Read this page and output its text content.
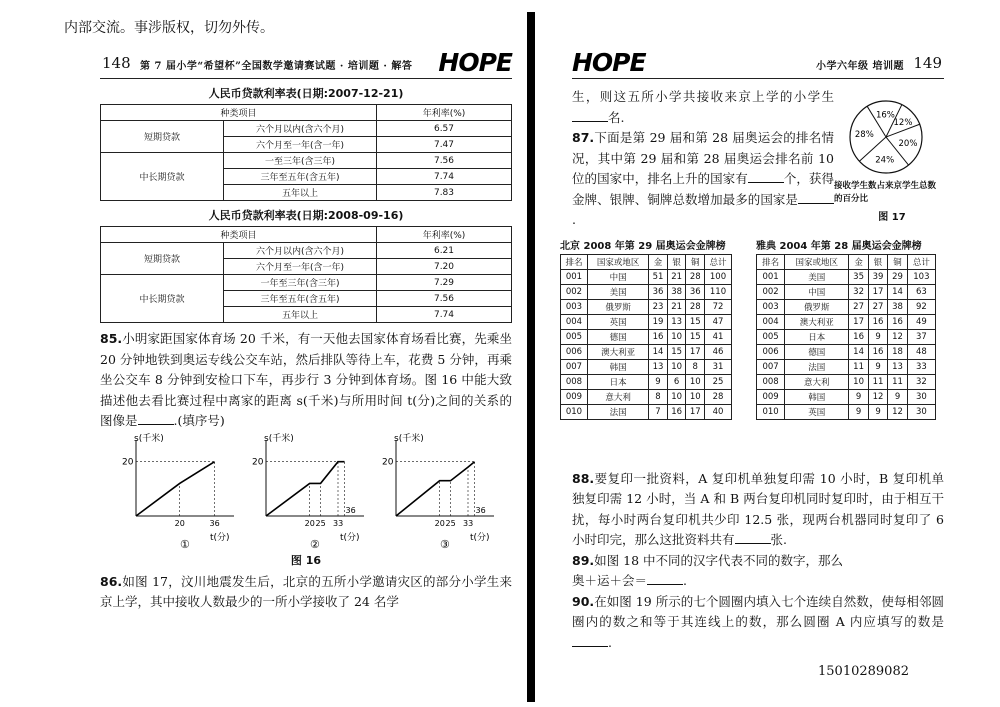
内部交流。事涉版权，切勿外传。
148 第 7 届小学“希望杯”全国数学邀请赛试题 · 培训题 · 解答 HOPE
人民币贷款利率表(日期:2007-12-21)
种类项目		年利率(%)
短期贷款	六个月以内(含六个月)	6.57
	六个月至一年(含一年)	7.47
中长期贷款	一至三年(含三年)	7.56
	三年至五年(含五年)	7.74
	五年以上	7.83
人民币贷款利率表(日期:2008-09-16)
种类项目		年利率(%)
短期贷款	六个月以内(含六个月)	6.21
	六个月至一年(含一年)	7.20
中长期贷款	一年至三年(含三年)	7.29
	三年至五年(含五年)	7.56
	五年以上	7.74

85.小明家距国家体育场 20 千米，有一天他去国家体育场看比赛，先乘坐 20 分钟地铁到奥运专线公交车站，然后排队等待上车，花费 5 分钟，再乘坐公交车 8 分钟到安检口下车，再步行 3 分钟到体育场。图 16 中能大致描述他去看比赛过程中离家的距离 s(千米)与所用时间 t(分)之间的关系的图像是	.(填序号)

s(千米)
t(分)
20
20	36
①
s(千米)
t(分)
20
20 25 33
36
②
s(千米)
t(分)
20
20 25 33
36
③
图 16

86.如图 17，汶川地震发生后，北京的五所小学邀请灾区的部分小学生来京上学，其中接收人数最少的一所小学接收了 24 名学

HOPE	小学六年级 培训题 149

生，则这五所小学共接收来京上学的小学生名.

87.下面是第 29 届和第 28 届奥运会的排名情况，其中第 29 届和第 28 届奥运会排名前 10 位的国家中，排名上升的国家有	个，获得金牌、银牌、铜牌总数增加最多的国家是.

北京 2008 年第 29 届奥运会金牌榜
排名	国家或地区	金	银	铜	总计
001	中国	51	21	28	100
002	美国	36	38	36	110
003	俄罗斯	23	21	28	72
004	英国	19	13	15	47
005	德国	16	10	15	41
006	澳大利亚	14	15	17	46
007	韩国	13	10	8	31
008	日本	9	6	10	25
009	意大利	8	10	10	28
010	法国	7	16	17	40
雅典 2004 年第 28 届奥运会金牌榜
排名	国家或地区	金	银	铜	总计
001	美国	35	39	29	103
002	中国	32	17	14	63
003	俄罗斯	27	27	38	92
004	澳大利亚	17	16	16	49
005	日本	16	9	12	37
006	德国	14	16	18	48
007	法国	11	9	13	33
008	意大利	10	11	11	32
009	韩国	9	12	9	30
010	英国	9	9	12	30

88.要复印一批资料，A 复印机单独复印需 10 小时，B 复印机单独复印需 12 小时，当 A 和 B 两台复印机同时复印时，由于相互干扰，每小时两台复印机共少印 12.5 张，现两台机器同时复印了 6 小时印完，那么这批资料共有	张.

89.如图 18 中不同的汉字代表不同的数字，那么
奥＋运＋会＝	.

90.在如图 19 所示的七个圆圈内填入七个连续自然数，使每相邻圆圈内的数之和等于其连线上的数，那么圆圈 A 内应填写的数是.

16%
12%
20%
24%
28%
接收学生数占来京学生总数的百分比
图 17
15010289082
